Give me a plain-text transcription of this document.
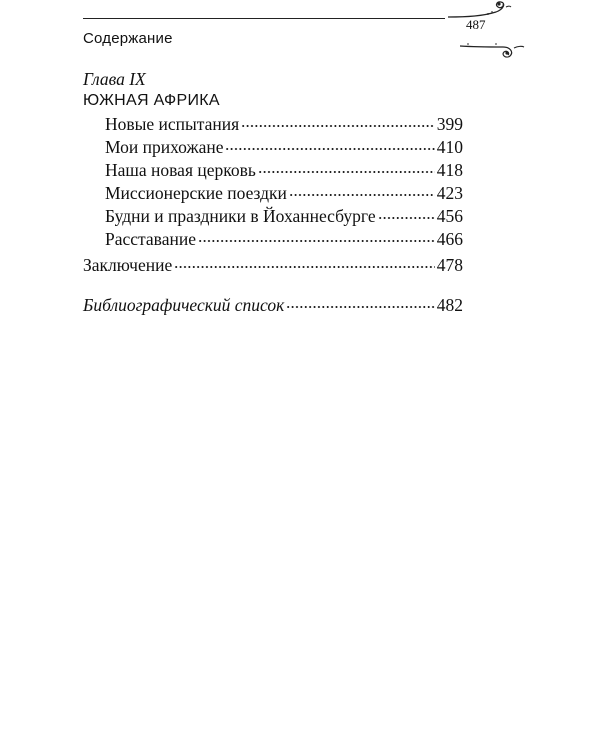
Содержание
487
Глава IX
ЮЖНАЯ АФРИКА
Новые испытания	399
Мои прихожане	410
Наша новая церковь	418
Миссионерские поездки	423
Будни и праздники в Йоханнесбурге	456
Расставание	466
Заключение	478
Библиографический список	482
